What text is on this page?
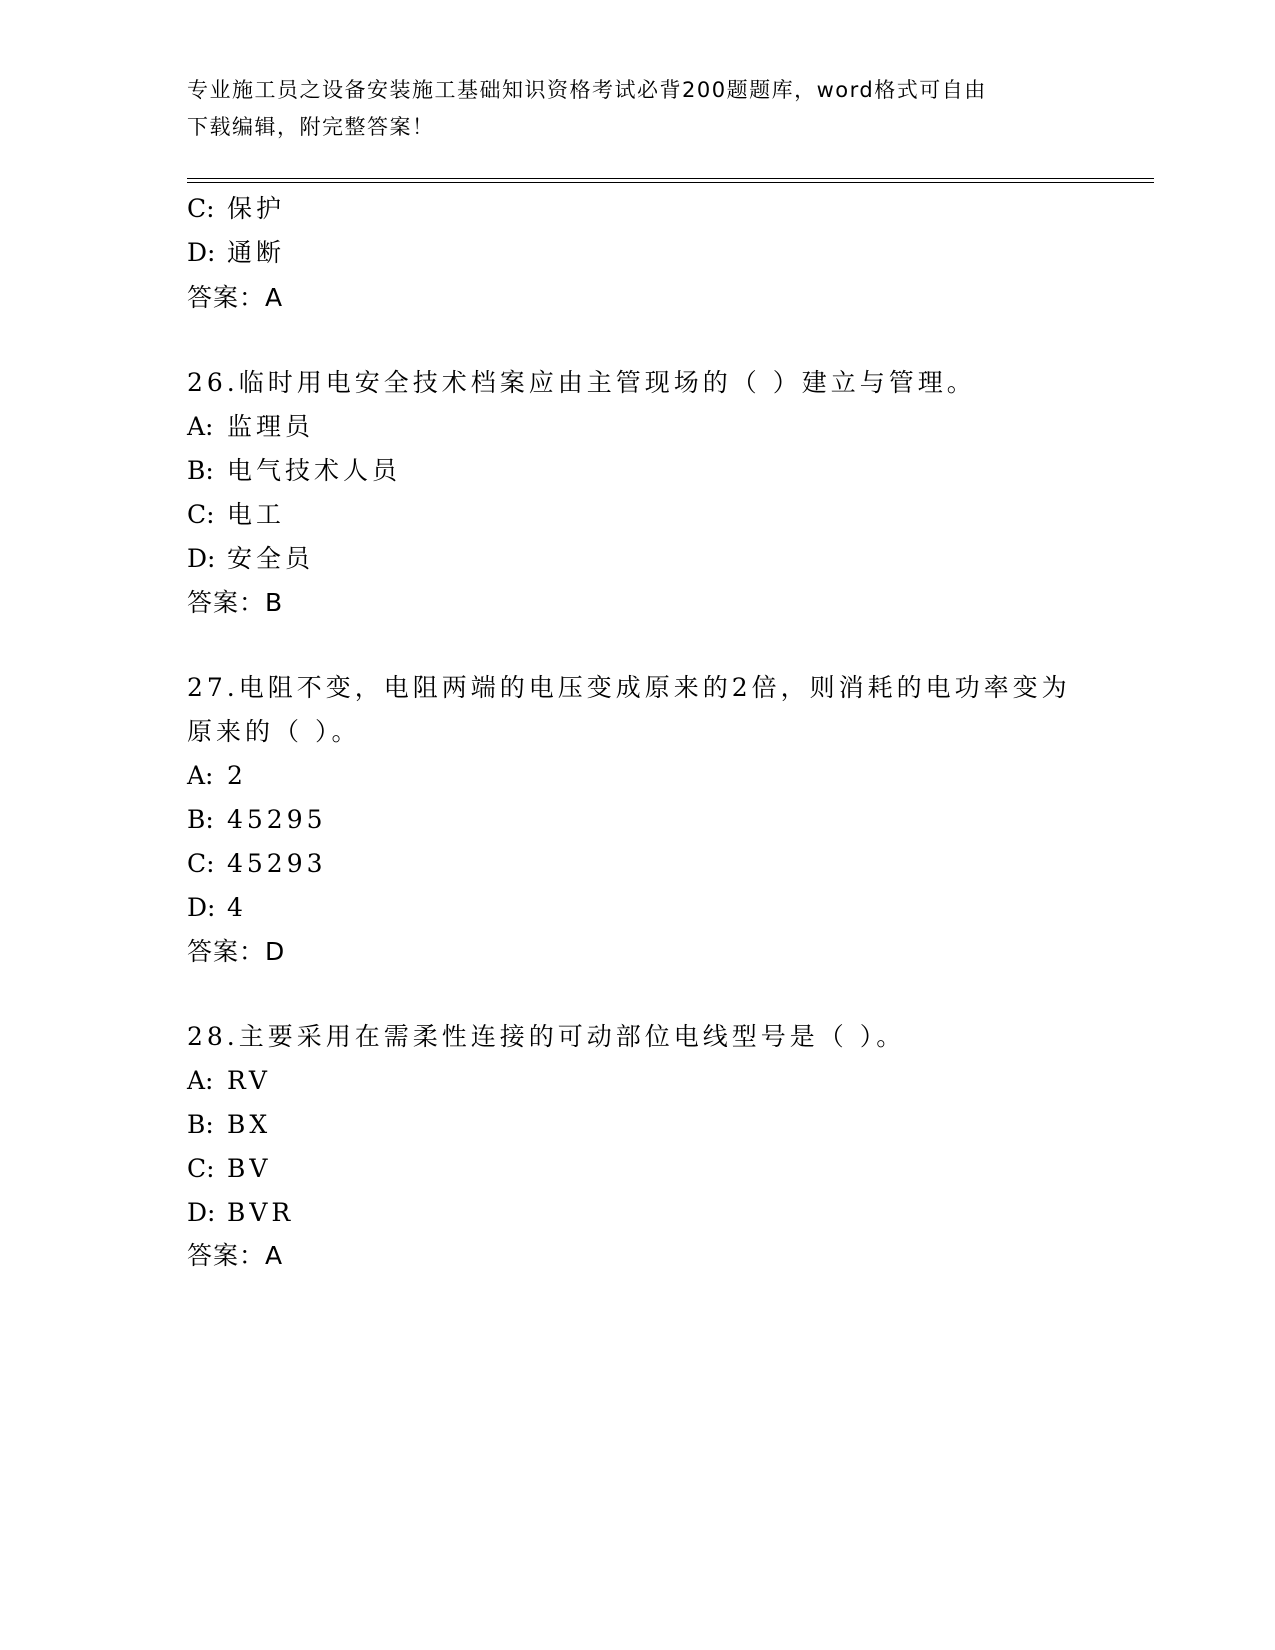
专业施工员之设备安装施工基础知识资格考试必背200题题库，word格式可自由
下载编辑，附完整答案！
C: 保护
D: 通断
答案：A
26.临时用电安全技术档案应由主管现场的（ ）建立与管理。
A: 监理员
B: 电气技术人员
C: 电工
D: 安全员
答案：B
27.电阻不变，电阻两端的电压变成原来的2倍，则消耗的电功率变为
原来的（ ）。
A: 2
B: 45295
C: 45293
D: 4
答案：D
28.主要采用在需柔性连接的可动部位电线型号是（ ）。
A: RV
B: BX
C: BV
D: BVR
答案：A
